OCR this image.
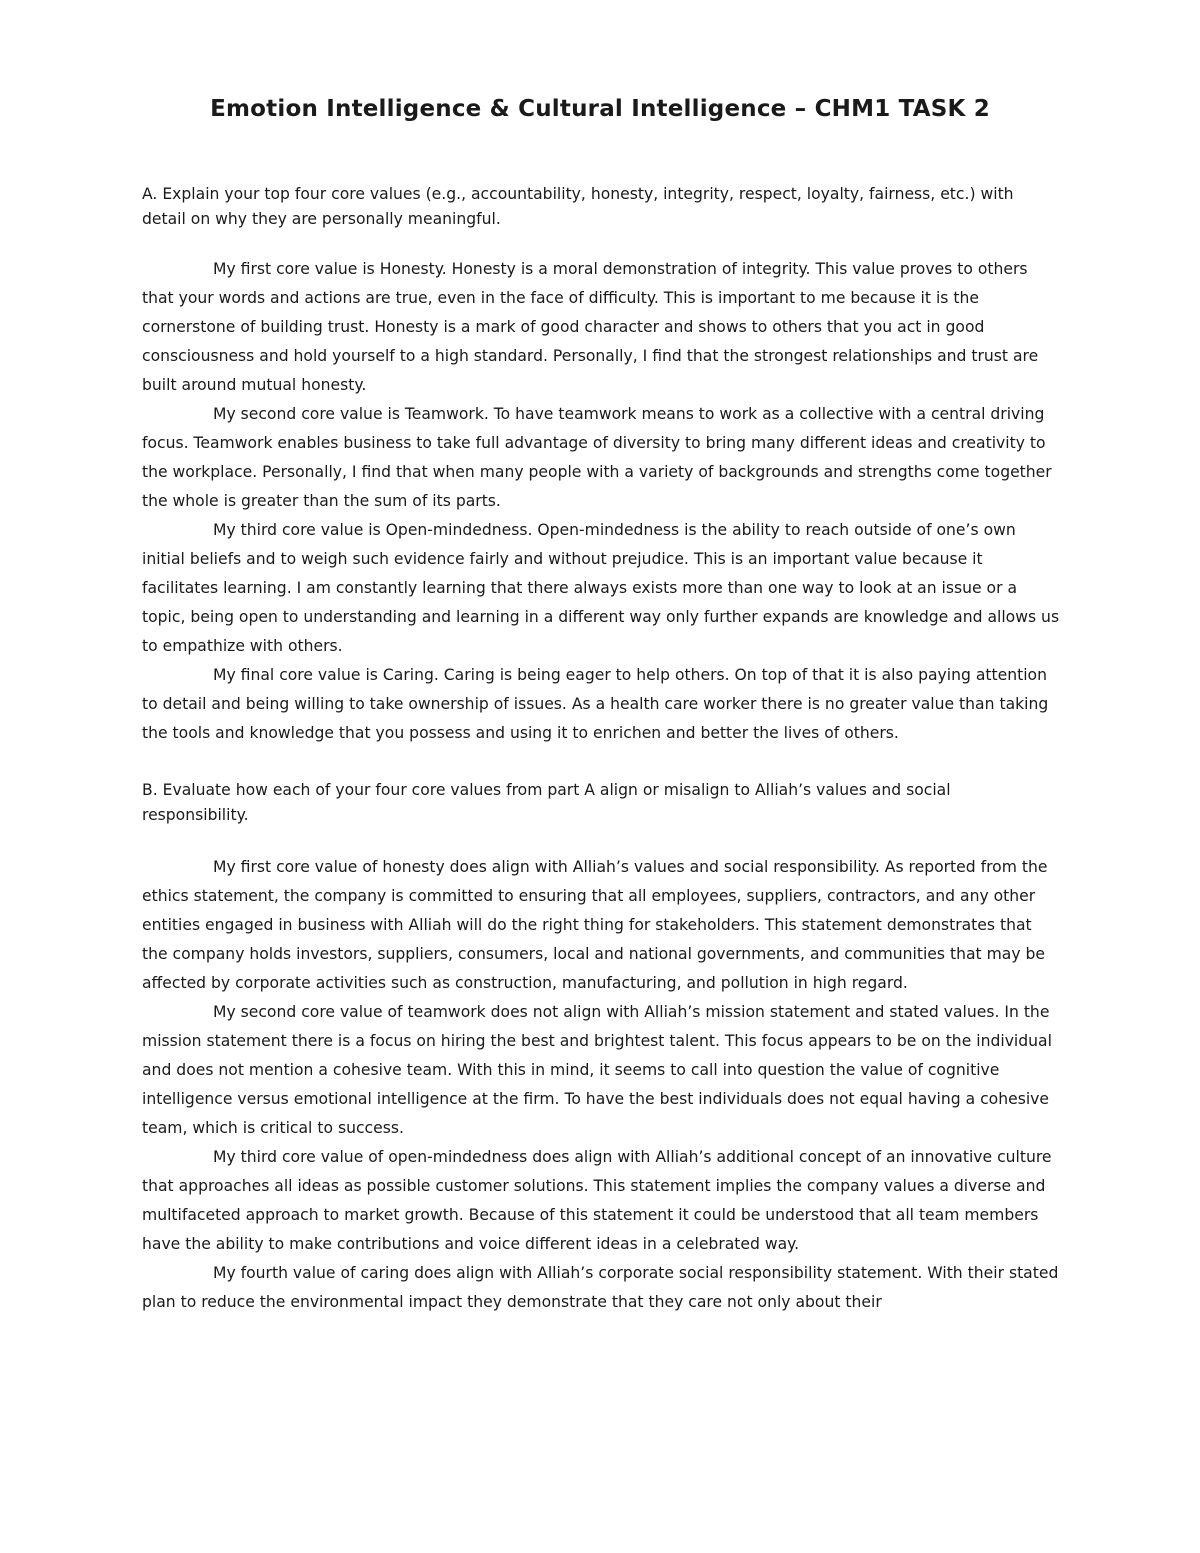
Emotion Intelligence & Cultural Intelligence – CHM1 TASK 2

A. Explain your top four core values (e.g., accountability, honesty, integrity, respect, loyalty, fairness, etc.) with detail on why they are personally meaningful.

My first core value is Honesty. Honesty is a moral demonstration of integrity. This value proves to others that your words and actions are true, even in the face of difficulty. This is important to me because it is the cornerstone of building trust. Honesty is a mark of good character and shows to others that you act in good consciousness and hold yourself to a high standard. Personally, I find that the strongest relationships and trust are built around mutual honesty.

My second core value is Teamwork. To have teamwork means to work as a collective with a central driving focus. Teamwork enables business to take full advantage of diversity to bring many different ideas and creativity to the workplace. Personally, I find that when many people with a variety of backgrounds and strengths come together the whole is greater than the sum of its parts.

My third core value is Open-mindedness. Open-mindedness is the ability to reach outside of one’s own initial beliefs and to weigh such evidence fairly and without prejudice. This is an important value because it facilitates learning. I am constantly learning that there always exists more than one way to look at an issue or a topic, being open to understanding and learning in a different way only further expands are knowledge and allows us to empathize with others.

My final core value is Caring. Caring is being eager to help others. On top of that it is also paying attention to detail and being willing to take ownership of issues. As a health care worker there is no greater value than taking the tools and knowledge that you possess and using it to enrichen and better the lives of others.

B. Evaluate how each of your four core values from part A align or misalign to Alliah’s values and social responsibility.

My first core value of honesty does align with Alliah’s values and social responsibility. As reported from the ethics statement, the company is committed to ensuring that all employees, suppliers, contractors, and any other entities engaged in business with Alliah will do the right thing for stakeholders. This statement demonstrates that the company holds investors, suppliers, consumers, local and national governments, and communities that may be affected by corporate activities such as construction, manufacturing, and pollution in high regard.

My second core value of teamwork does not align with Alliah’s mission statement and stated values. In the mission statement there is a focus on hiring the best and brightest talent. This focus appears to be on the individual and does not mention a cohesive team. With this in mind, it seems to call into question the value of cognitive intelligence versus emotional intelligence at the firm. To have the best individuals does not equal having a cohesive team, which is critical to success.

My third core value of open-mindedness does align with Alliah’s additional concept of an innovative culture that approaches all ideas as possible customer solutions. This statement implies the company values a diverse and multifaceted approach to market growth. Because of this statement it could be understood that all team members have the ability to make contributions and voice different ideas in a celebrated way.

My fourth value of caring does align with Alliah’s corporate social responsibility statement. With their stated plan to reduce the environmental impact they demonstrate that they care not only about their
